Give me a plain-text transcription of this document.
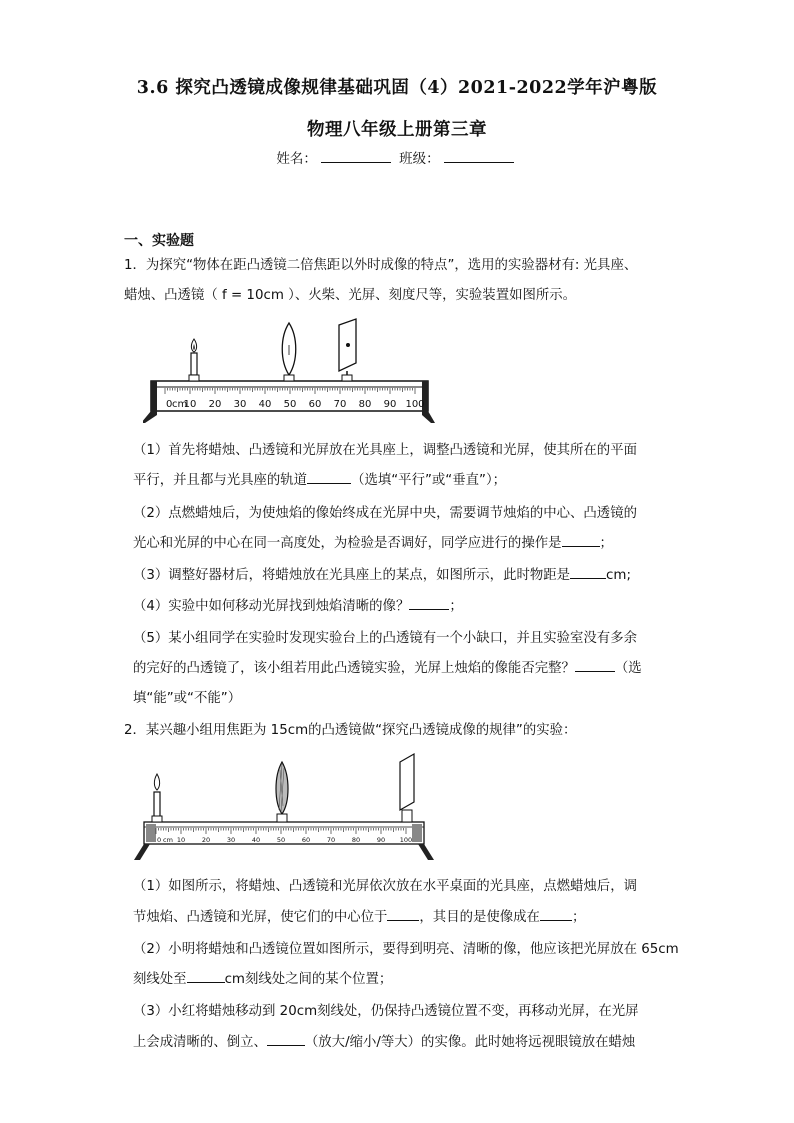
3.6 探究凸透镜成像规律基础巩固（4）2021-2022学年沪粤版
物理八年级上册第三章
姓名：	班级：
一、实验题
1．为探究“物体在距凸透镜二倍焦距以外时成像的特点”，选用的实验器材有: 光具座、
蜡烛、凸透镜（ f = 10cm ）、火柴、光屏、刻度尺等，实验装置如图所示。
0 10 20 30 40 50 60 70 80 90 100
cm
（1）首先将蜡烛、凸透镜和光屏放在光具座上，调整凸透镜和光屏，使其所在的平面
平行，并且都与光具座的轨道	（选填“平行”或“垂直”）；
（2）点燃蜡烛后，为使烛焰的像始终成在光屏中央，需要调节烛焰的中心、凸透镜的
光心和光屏的中心在同一高度处，为检验是否调好，同学应进行的操作是	；
（3）调整好器材后，将蜡烛放在光具座上的某点，如图所示，此时物距是	cm;
（4）实验中如何移动光屏找到烛焰清晰的像？	；
（5）某小组同学在实验时发现实验台上的凸透镜有一个小缺口，并且实验室没有多余
的完好的凸透镜了，该小组若用此凸透镜实验，光屏上烛焰的像能否完整？	（选
填“能”或“不能”）
2．某兴趣小组用焦距为 15cm的凸透镜做“探究凸透镜成像的规律”的实验：
0 10	20	30	40	50	60	70	80	90 100
cm
（1）如图所示，将蜡烛、凸透镜和光屏依次放在水平桌面的光具座，点燃蜡烛后，调
节烛焰、凸透镜和光屏，使它们的中心位于 ，其目的是使像成在 ；
（2）小明将蜡烛和凸透镜位置如图所示，要得到明亮、清晰的像，他应该把光屏放在 65cm
刻线处至	cm刻线处之间的某个位置；
（3）小红将蜡烛移动到 20cm刻线处，仍保持凸透镜位置不变，再移动光屏，在光屏
上会成清晰的、倒立、	（放大/缩小/等大）的实像。此时她将远视眼镜放在蜡烛
